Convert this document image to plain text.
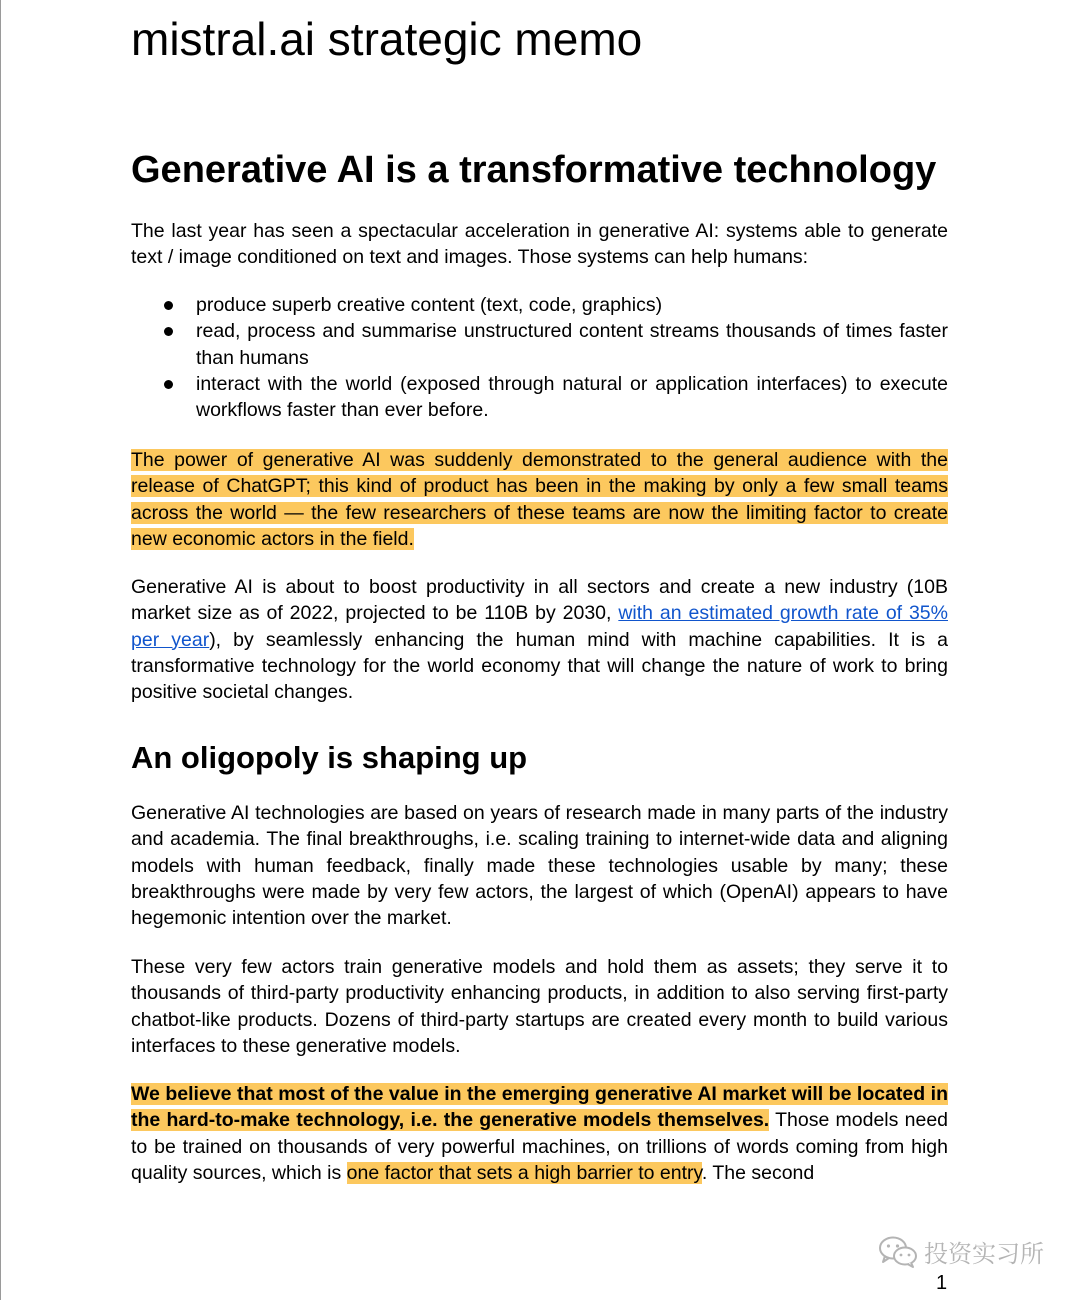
mistral.ai strategic memo
Generative AI is a transformative technology

The last year has seen a spectacular acceleration in generative AI: systems able to generate text / image conditioned on text and images. Those systems can help humans:

produce superb creative content (text, code, graphics)
read, process and summarise unstructured content streams thousands of times faster than humans
interact with the world (exposed through natural or application interfaces) to execute workflows faster than ever before.

The power of generative AI was suddenly demonstrated to the general audience with the release of ChatGPT; this kind of product has been in the making by only a few small teams across the world — the few researchers of these teams are now the limiting factor to create new economic actors in the field.

Generative AI is about to boost productivity in all sectors and create a new industry (10B market size as of 2022, projected to be 110B by 2030, with an estimated growth rate of 35% per year), by seamlessly enhancing the human mind with machine capabilities. It is a transformative technology for the world economy that will change the nature of work to bring positive societal changes.

An oligopoly is shaping up

Generative AI technologies are based on years of research made in many parts of the industry and academia. The final breakthroughs, i.e. scaling training to internet-wide data and aligning models with human feedback, finally made these technologies usable by many; these breakthroughs were made by very few actors, the largest of which (OpenAI) appears to have hegemonic intention over the market.

These very few actors train generative models and hold them as assets; they serve it to thousands of third-party productivity enhancing products, in addition to also serving first-party chatbot-like products. Dozens of third-party startups are created every month to build various interfaces to these generative models.

We believe that most of the value in the emerging generative AI market will be located in the hard-to-make technology, i.e. the generative models themselves. Those models need to be trained on thousands of very powerful machines, on trillions of words coming from high quality sources, which is one factor that sets a high barrier to entry. The second

投资实习所
1
